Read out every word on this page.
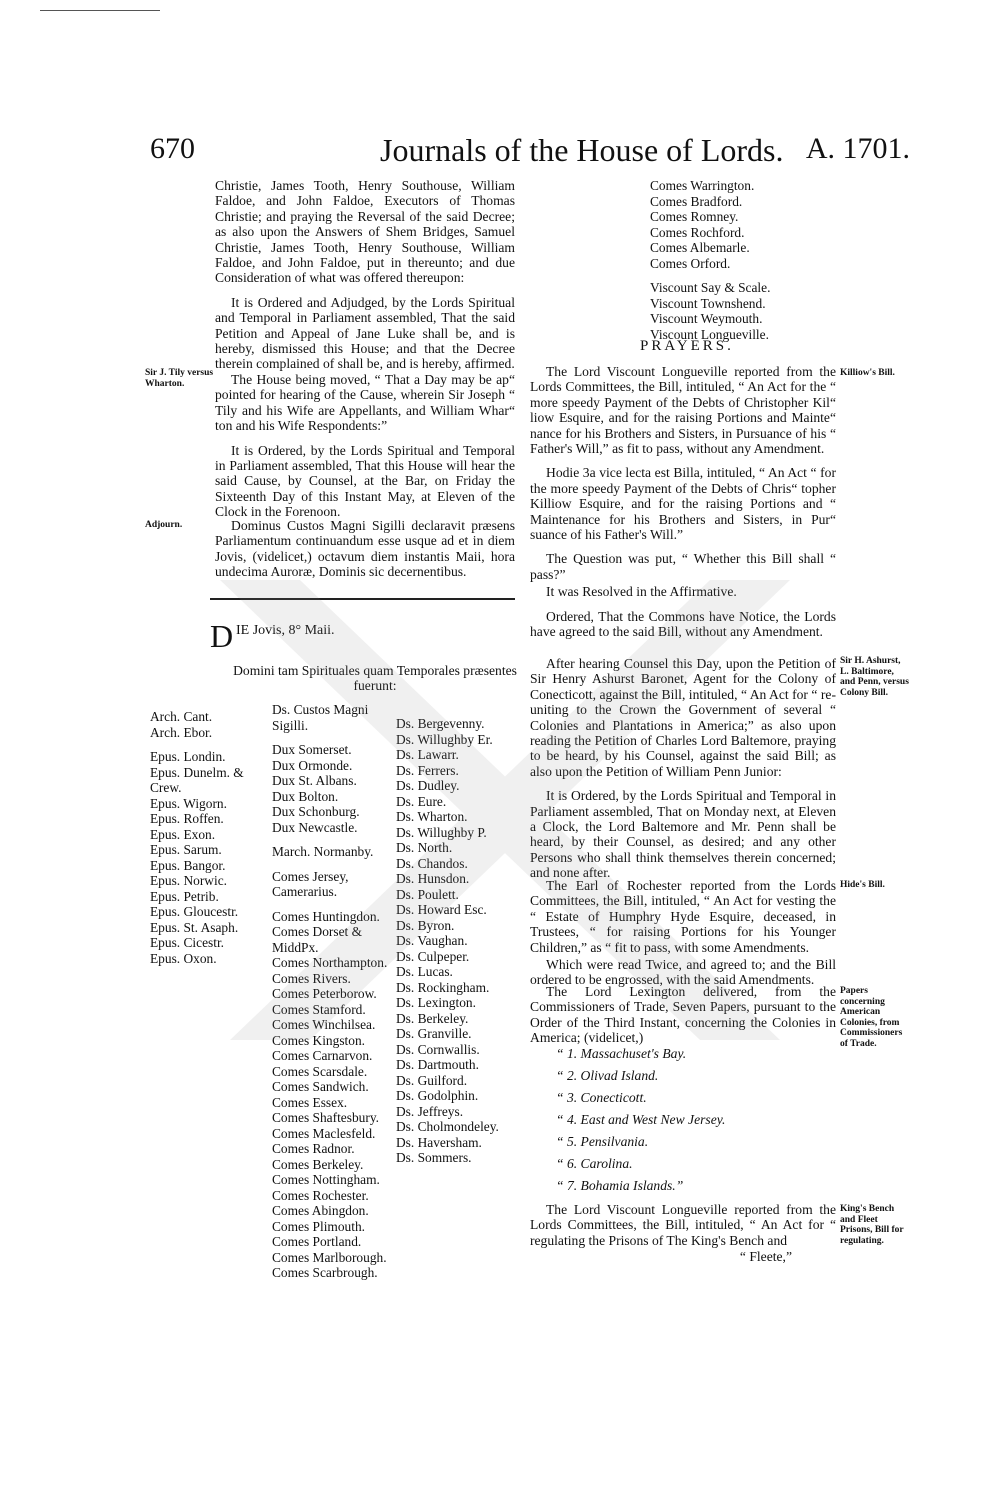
670	Journals of the House of Lords. A. 1701.

Christie, James Tooth, Henry Southouse, William Faldoe, and John Faldoe, Executors of Thomas Christie; and praying the Reversal of the said Decree; as also upon the Answers of Shem Bridges, Samuel Christie, James Tooth, Henry Southouse, William Faldoe, and John Faldoe, put in thereunto; and due Consideration of what was offered thereupon:

It is Ordered and Adjudged, by the Lords Spiritual and Temporal in Parliament assembled, That the said Petition and Appeal of Jane Luke shall be, and is hereby, dismissed this House; and that the Decree therein complained of shall be, and is hereby, affirmed.

Sir J. Tily versus Wharton.	The House being moved, “ That a Day may be ap“ pointed for hearing of the Cause, wherein Sir Joseph “ Tily and his Wife are Appellants, and William Whar“ ton and his Wife Respondents:”

It is Ordered, by the Lords Spiritual and Temporal in Parliament assembled, That this House will hear the said Cause, by Counsel, at the Bar, on Friday the Sixteenth Day of this Instant May, at Eleven of the Clock in the Forenoon.

Adjourn.	Dominus Custos Magni Sigilli declaravit præsens Parliamentum continuandum esse usque ad et in diem Jovis, (videlicet,) octavum diem instantis Maii, hora undecima Auroræ, Dominis sic decernentibus.

D IE Jovis, 8° Maii.
Domini tam Spirituales quam Temporales præsentes
fuerunt:
Arch. Cant.
Arch. Ebor.
Epus. Londin.
Epus. Dunelm. &
Crew.
Epus. Wigorn.
Epus. Roffen.
Epus. Exon.
Epus. Sarum.
Epus. Bangor.
Epus. Norwic.
Epus. Petrib.
Epus. Gloucestr.
Epus. St. Asaph.
Epus. Cicestr.
Epus. Oxon.
Ds. Custos Magni
Sigilli.
Dux Somerset.
Dux Ormonde.
Dux St. Albans.
Dux Bolton.
Dux Schonburg.
Dux Newcastle.
March. Normanby.
Comes Jersey,
Camerarius.
Comes Huntingdon.
Comes Dorset &
MiddPx.
Comes Northampton.
Comes Rivers.
Comes Peterborow.
Comes Stamford.
Comes Winchilsea.
Comes Kingston.
Comes Carnarvon.
Comes Scarsdale.
Comes Sandwich.
Comes Essex.
Comes Shaftesbury.
Comes Maclesfeld.
Comes Radnor.
Comes Berkeley.
Comes Nottingham.
Comes Rochester.
Comes Abingdon.
Comes Plimouth.
Comes Portland.
Comes Marlborough.
Comes Scarbrough.
Ds. Bergevenny.
Ds. Willughby Er.
Ds. Lawarr.
Ds. Ferrers.
Ds. Dudley.
Ds. Eure.
Ds. Wharton.
Ds. Willughby P.
Ds. North.
Ds. Chandos.
Ds. Hunsdon.
Ds. Poulett.
Ds. Howard Esc.
Ds. Byron.
Ds. Vaughan.
Ds. Culpeper.
Ds. Lucas.
Ds. Rockingham.
Ds. Lexington.
Ds. Berkeley.
Ds. Granville.
Ds. Cornwallis.
Ds. Dartmouth.
Ds. Guilford.
Ds. Godolphin.
Ds. Jeffreys.
Ds. Cholmondeley.
Ds. Haversham.
Ds. Sommers.
Comes Warrington.
Comes Bradford.
Comes Romney.
Comes Rochford.
Comes Albemarle.
Comes Orford.
Viscount Say & Scale.
Viscount Townshend.
Viscount Weymouth.
Viscount Longueville.
PRAYERS.

The Lord Viscount Longueville reported from the Lords Committees, the Bill, intituled, “ An Act for the “ more speedy Payment of the Debts of Christopher Kil“ liow Esquire, and for the raising Portions and Mainte“ nance for his Brothers and Sisters, in Pursuance of his “ Father's Will,” as fit to pass, without any Amendment.

Hodie 3a vice lecta est Billa, intituled, “ An Act “ for the more speedy Payment of the Debts of Chris“ topher Killiow Esquire, and for the raising Portions and “ Maintenance for his Brothers and Sisters, in Pur“ suance of his Father's Will.”

The Question was put, “ Whether this Bill shall “ pass?”

It was Resolved in the Affirmative.

Ordered, That the Commons have Notice, the Lords have agreed to the said Bill, without any Amendment.

Killiow's Bill.

After hearing Counsel this Day, upon the Petition of Sir Henry Ashurst Baronet, Agent for the Colony of Conecticott, against the Bill, intituled, “ An Act for “ re-uniting to the Crown the Government of several “ Colonies and Plantations in America;” as also upon reading the Petition of Charles Lord Baltemore, praying to be heard, by his Counsel, against the said Bill; as also upon the Petition of William Penn Junior:

It is Ordered, by the Lords Spiritual and Temporal in Parliament assembled, That on Monday next, at Eleven a Clock, the Lord Baltemore and Mr. Penn shall be heard, by their Counsel, as desired; and any other Persons who shall think themselves therein concerned; and none after.

Sir H. Ashurst, L. Baltimore, and Penn, versus Colony Bill.

The Earl of Rochester reported from the Lords Committees, the Bill, intituled, “ An Act for vesting the “ Estate of Humphry Hyde Esquire, deceased, in Trustees, “ for raising Portions for his Younger Children,” as “ fit to pass, with some Amendments.

Which were read Twice, and agreed to; and the Bill ordered to be engrossed, with the said Amendments.

Hide's Bill.

The Lord Lexington delivered, from the Commissioners of Trade, Seven Papers, pursuant to the Order of the Third Instant, concerning the Colonies in America; (videlicet,)

Papers concerning American Colonies, from Commissioners of Trade.
“ 1. Massachuset's Bay.
“ 2. Olivad Island.
“ 3. Conecticott.
“ 4. East and West New Jersey.
“ 5. Pensilvania.
“ 6. Carolina.
“ 7. Bohamia Islands.”

The Lord Viscount Longueville reported from the Lords Committees, the Bill, intituled, “ An Act for “ regulating the Prisons of The King's Bench and

“ Fleete,”
King's Bench and Fleet Prisons, Bill for regulating.
